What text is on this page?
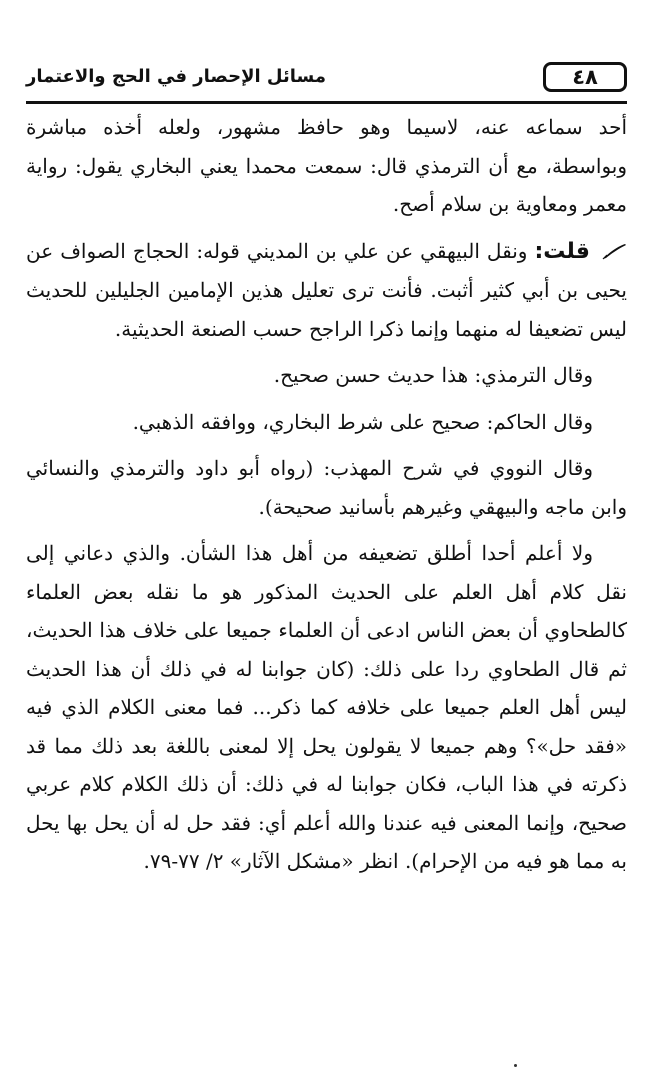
٤٨
مسائل الإحصار في الحج والاعتمار

أحد سماعه عنه، لاسيما وهو حافظ مشهور، ولعله أخذه مباشرة وبواسطة، مع أن الترمذي قال: سمعت محمدا يعني البخاري يقول: رواية معمر ومعاوية بن سلام أصح.

قلت: ونقل البيهقي عن علي بن المديني قوله: الحجاج الصواف عن يحيى بن أبي كثير أثبت. فأنت ترى تعليل هذين الإمامين الجليلين للحديث ليس تضعيفا له منهما وإنما ذكرا الراجح حسب الصنعة الحديثية.

وقال الترمذي: هذا حديث حسن صحيح.

وقال الحاكم: صحيح على شرط البخاري، ووافقه الذهبي.

وقال النووي في شرح المهذب: (رواه أبو داود والترمذي والنسائي وابن ماجه والبيهقي وغيرهم بأسانيد صحيحة).

ولا أعلم أحدا أطلق تضعيفه من أهل هذا الشأن. والذي دعاني إلى نقل كلام أهل العلم على الحديث المذكور هو ما نقله بعض العلماء كالطحاوي أن بعض الناس ادعى أن العلماء جميعا على خلاف هذا الحديث، ثم قال الطحاوي ردا على ذلك: (كان جوابنا له في ذلك أن هذا الحديث ليس أهل العلم جميعا على خلافه كما ذكر... فما معنى الكلام الذي فيه «فقد حل»؟ وهم جميعا لا يقولون يحل إلا لمعنى باللغة بعد ذلك مما قد ذكرته في هذا الباب، فكان جوابنا له في ذلك: أن ذلك الكلام كلام عربي صحيح، وإنما المعنى فيه عندنا والله أعلم أي: فقد حل له أن يحل بها يحل به مما هو فيه من الإحرام). انظر «مشكل الآثار» ٢/ ٧٧-٧٩.
